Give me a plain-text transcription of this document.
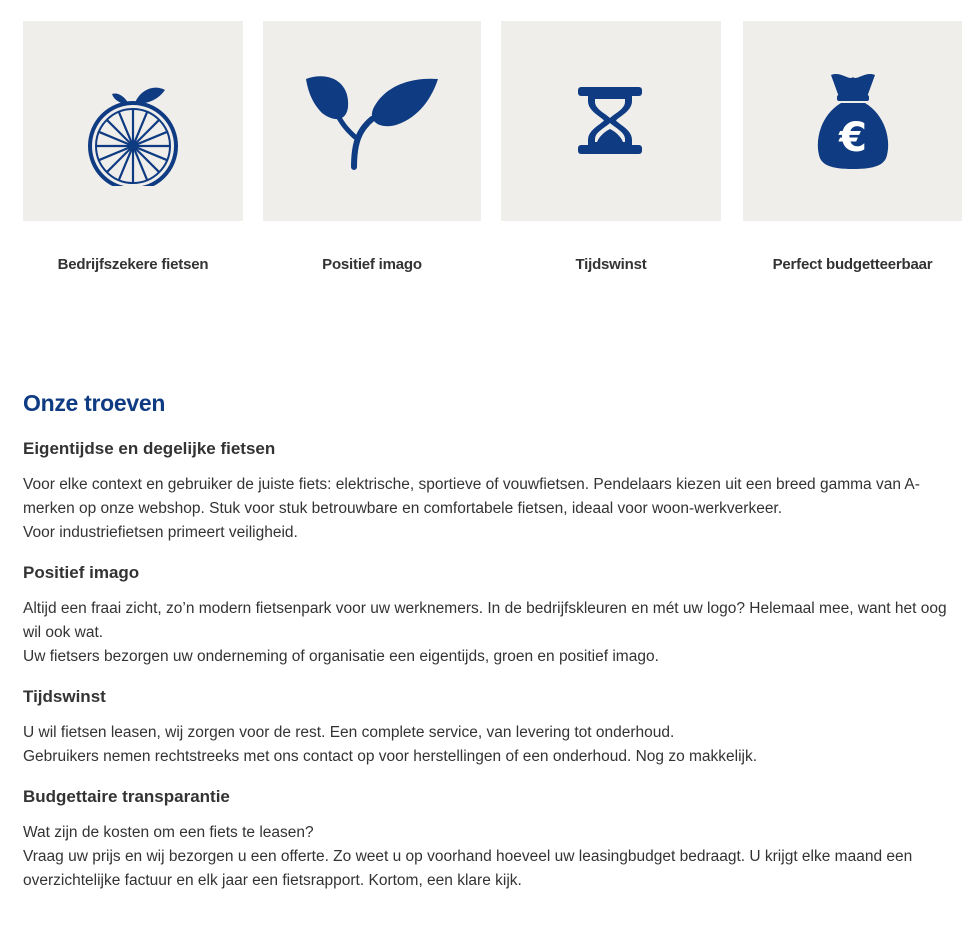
Bedrijfszekere fietsen	Positief imago	Tijdswinst
€
Perfect budgetteerbaar
Onze troeven
Eigentijdse en degelijke fietsen

Voor elke context en gebruiker de juiste fiets: elektrische, sportieve of vouwfietsen. Pendelaars kiezen uit een breed gamma van A-merken op onze webshop. Stuk voor stuk betrouwbare en comfortabele fietsen, ideaal voor woon-werkverkeer.

Voor industriefietsen primeert veiligheid.

Positief imago

Altijd een fraai zicht, zo’n modern fietsenpark voor uw werknemers. In de bedrijfskleuren en mét uw logo? Helemaal mee, want het oog wil ook wat.

Uw fietsers bezorgen uw onderneming of organisatie een eigentijds, groen en positief imago.

Tijdswinst

U wil fietsen leasen, wij zorgen voor de rest. Een complete service, van levering tot onderhoud.

Gebruikers nemen rechtstreeks met ons contact op voor herstellingen of een onderhoud. Nog zo makkelijk.

Budgettaire transparantie

Wat zijn de kosten om een fiets te leasen?

Vraag uw prijs en wij bezorgen u een offerte. Zo weet u op voorhand hoeveel uw leasingbudget bedraagt. U krijgt elke maand een overzichtelijke factuur en elk jaar een fietsrapport. Kortom, een klare kijk.
